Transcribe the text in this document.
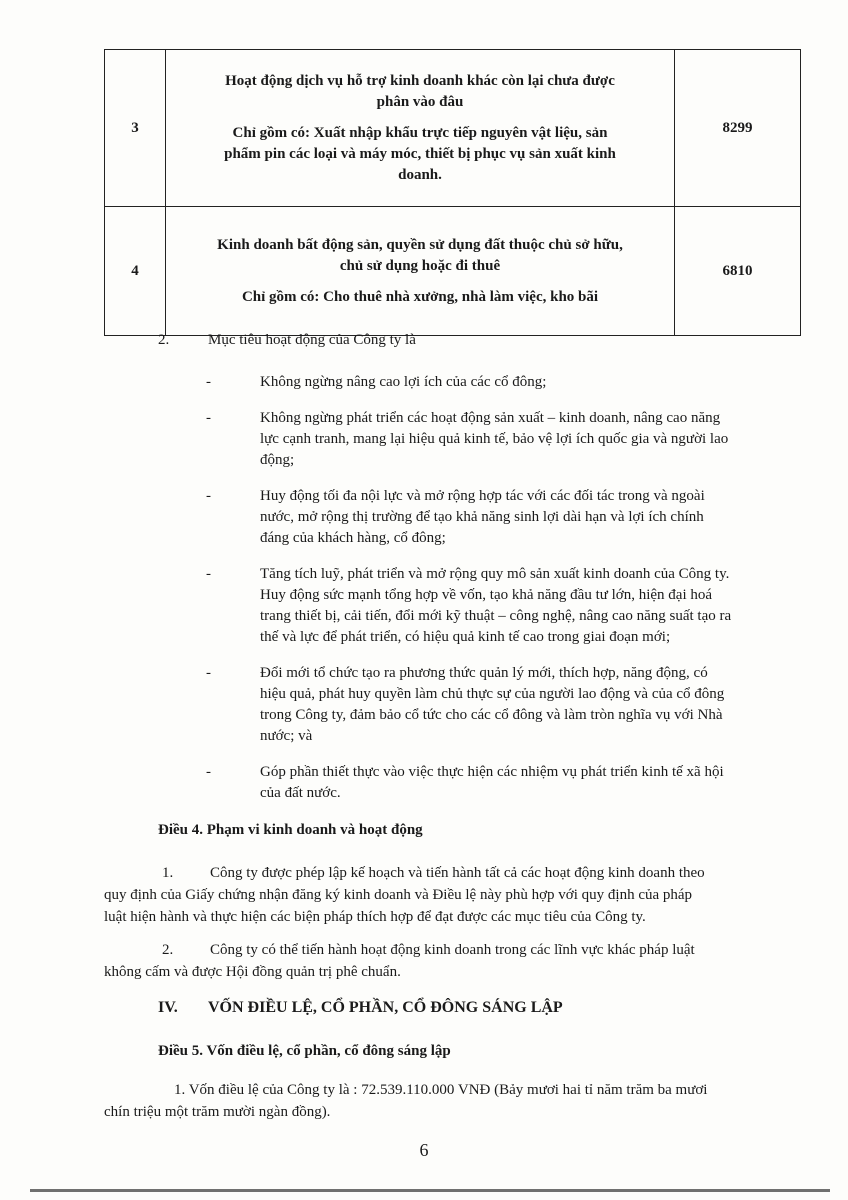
3	Hoạt động dịch vụ hỗ trợ kinh doanh khác còn lại chưa được
phân vào đâu

Chỉ gồm có: Xuất nhập khẩu trực tiếp nguyên vật liệu, sản
phẩm pin các loại và máy móc, thiết bị phục vụ sản xuất kinh
doanh.	8299
4	Kinh doanh bất động sản, quyền sử dụng đất thuộc chủ sở hữu,
chủ sử dụng hoặc đi thuê

Chỉ gồm có: Cho thuê nhà xưởng, nhà làm việc, kho bãi	6810
2.	Mục tiêu hoạt động của Công ty là
-	Không ngừng nâng cao lợi ích của các cổ đông;
-	Không ngừng phát triển các hoạt động sản xuất – kinh doanh, nâng cao năng
lực cạnh tranh, mang lại hiệu quả kinh tế, bảo vệ lợi ích quốc gia và người lao
động;
-	Huy động tối đa nội lực và mở rộng hợp tác với các đối tác trong và ngoài
nước, mở rộng thị trường để tạo khả năng sinh lợi dài hạn và lợi ích chính
đáng của khách hàng, cổ đông;
-	Tăng tích luỹ, phát triển và mở rộng quy mô sản xuất kinh doanh của Công ty.
Huy động sức mạnh tổng hợp về vốn, tạo khả năng đầu tư lớn, hiện đại hoá
trang thiết bị, cải tiến, đổi mới kỹ thuật – công nghệ, nâng cao năng suất tạo ra
thế và lực để phát triển, có hiệu quả kinh tế cao trong giai đoạn mới;
-	Đổi mới tổ chức tạo ra phương thức quản lý mới, thích hợp, năng động, có
hiệu quả, phát huy quyền làm chủ thực sự của người lao động và của cổ đông
trong Công ty, đảm bảo cổ tức cho các cổ đông và làm tròn nghĩa vụ với Nhà
nước; và
-	Góp phần thiết thực vào việc thực hiện các nhiệm vụ phát triển kinh tế xã hội
của đất nước.
Điều 4. Phạm vi kinh doanh và hoạt động
1. Công ty được phép lập kế hoạch và tiến hành tất cả các hoạt động kinh doanh theo
quy định của Giấy chứng nhận đăng ký kinh doanh và Điều lệ này phù hợp với quy định của pháp
luật hiện hành và thực hiện các biện pháp thích hợp để đạt được các mục tiêu của Công ty.
2. Công ty có thể tiến hành hoạt động kinh doanh trong các lĩnh vực khác pháp luật
không cấm và được Hội đồng quản trị phê chuẩn.
IV. VỐN ĐIỀU LỆ, CỔ PHẦN, CỔ ĐÔNG SÁNG LẬP
Điều 5. Vốn điều lệ, cổ phần, cổ đông sáng lập
1. Vốn điều lệ của Công ty là : 72.539.110.000 VNĐ (Bảy mươi hai tỉ năm trăm ba mươi
chín triệu một trăm mười ngàn đồng).
6
